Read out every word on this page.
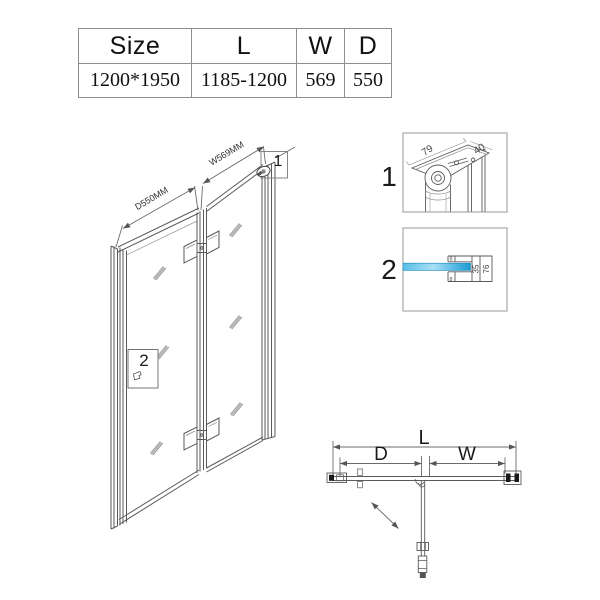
Size	L	W	D
1200*1950	1185-1200 569 550
D550MM
W569MM 1
2
1
79	40
2	8
8
35 76
L
D	W
